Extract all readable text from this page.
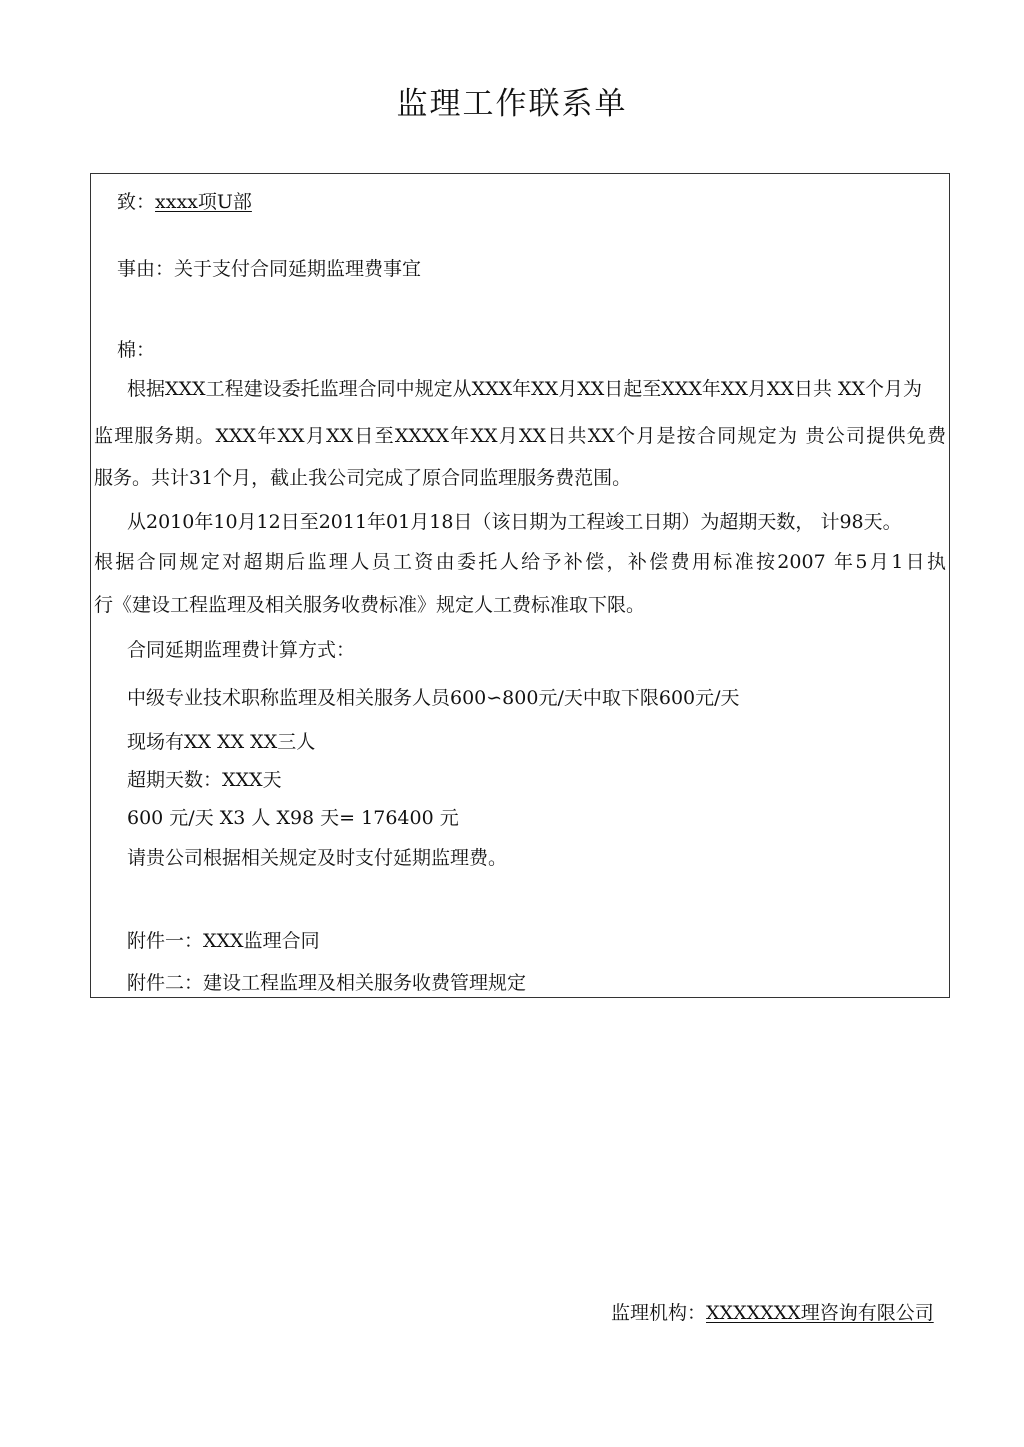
监理工作联系单
致：xxxx项U部
事由：关于支付合同延期监理费事宜
棉：
根据XXX工程建设委托监理合同中规定从XXX年XX月XX日起至XXX年XX月XX日共 XX个月为
监理服务期。XXX年XX月XX日至XXXX年XX月XX日共XX个月是按合同规定为 贵公司提供免费
服务。共计31个月，截止我公司完成了原合同监理服务费范围。
从2010年10月12日至2011年01月18日（该日期为工程竣工日期）为超期天数， 计98天。
根据合同规定对超期后监理人员工资由委托人给予补偿，补偿费用标准按2007 年5月1日执
行《建设工程监理及相关服务收费标准》规定人工费标准取下限。
合同延期监理费计算方式：
中级专业技术职称监理及相关服务人员600∽800元/天中取下限600元/天
现场有XX XX XX三人
超期天数：XXX天
600 元/天 X3 人 X98 天= 176400 元
请贵公司根据相关规定及时支付延期监理费。
附件一：XXX监理合同
附件二：建设工程监理及相关服务收费管理规定
监理机构：XXXXXXX理咨询有限公司
